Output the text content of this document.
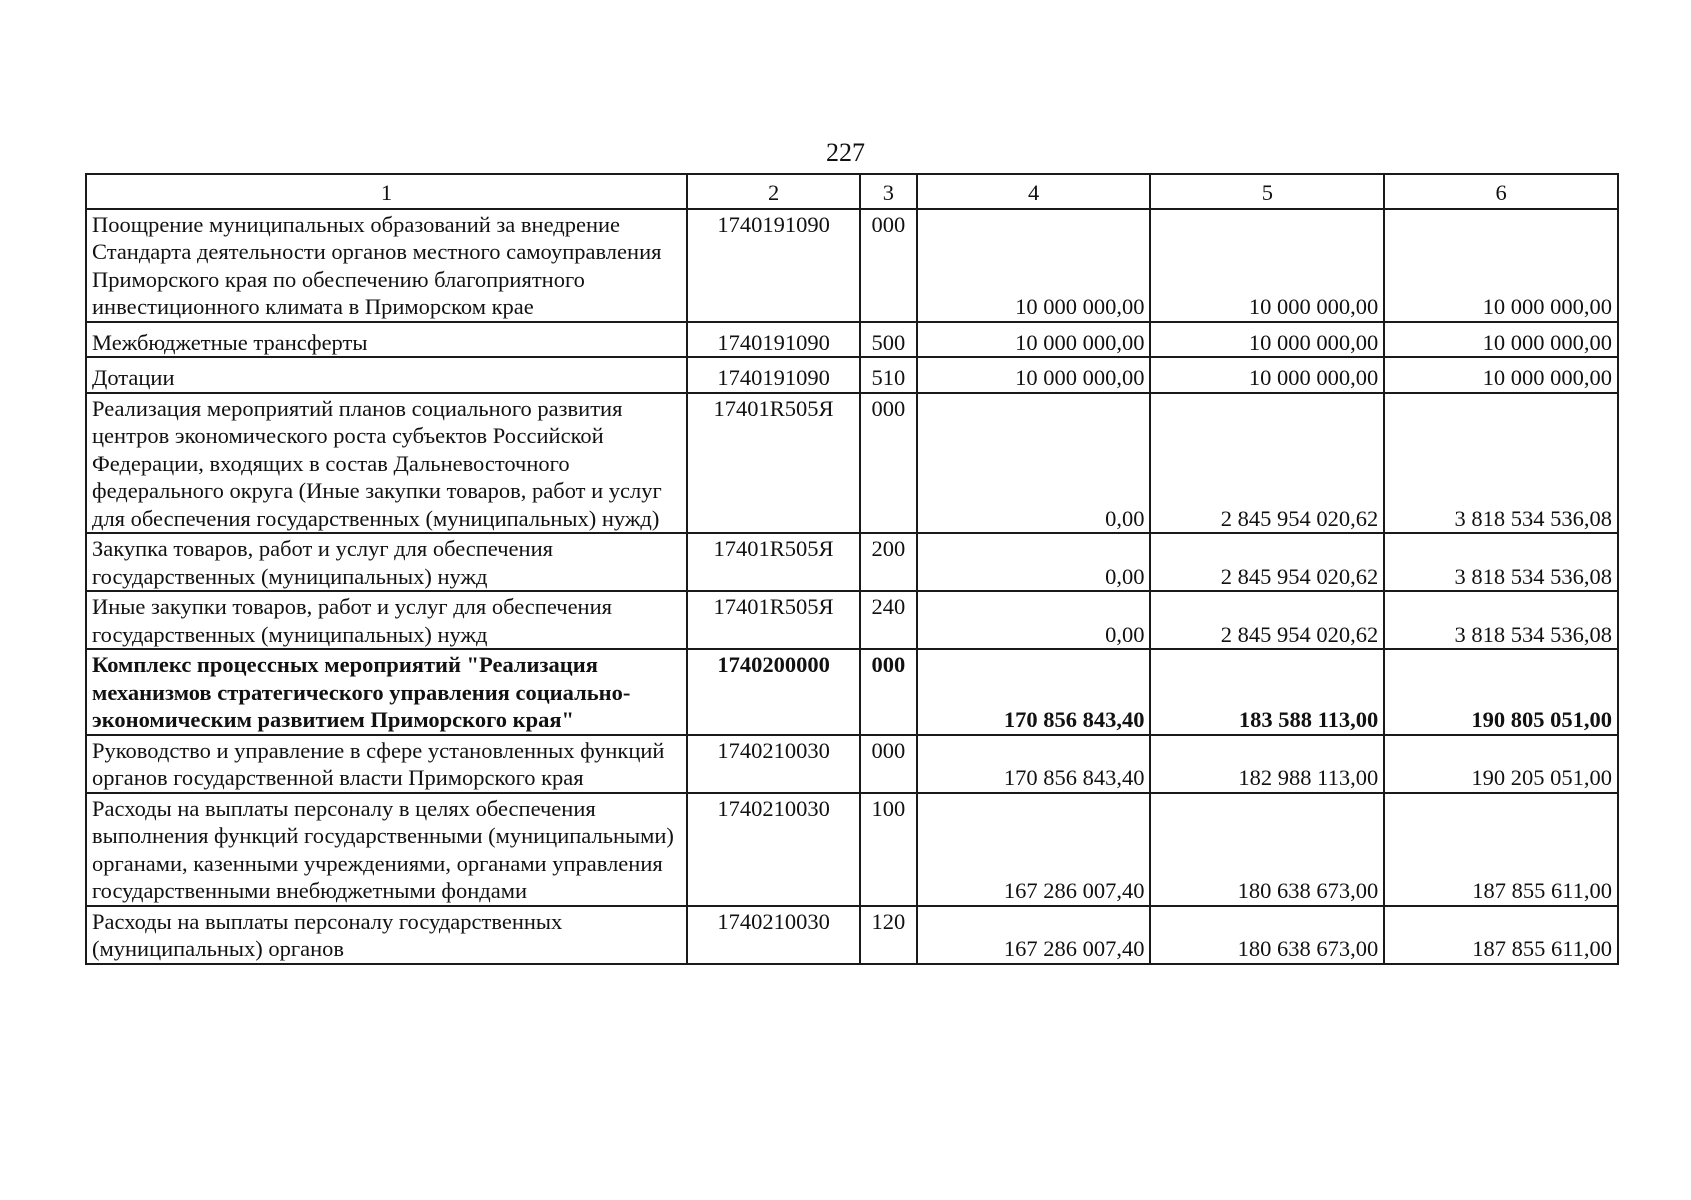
227
1	2	3	4	5	6
Поощрение муниципальных образований за внедрение Стандарта деятельности органов местного самоуправления Приморского края по обеспечению благоприятного инвестиционного климата в Приморском крае	1740191090	000	10 000 000,00	10 000 000,00	10 000 000,00
Межбюджетные трансферты	1740191090	500	10 000 000,00	10 000 000,00	10 000 000,00
Дотации	1740191090	510	10 000 000,00	10 000 000,00	10 000 000,00
Реализация мероприятий планов социального развития центров экономического роста субъектов Российской Федерации, входящих в состав Дальневосточного федерального округа (Иные закупки товаров, работ и услуг для обеспечения государственных (муниципальных) нужд)	17401R505Я	000	0,00	2 845 954 020,62	3 818 534 536,08
Закупка товаров, работ и услуг для обеспечения государственных (муниципальных) нужд	17401R505Я	200	0,00	2 845 954 020,62	3 818 534 536,08
Иные закупки товаров, работ и услуг для обеспечения государственных (муниципальных) нужд	17401R505Я	240	0,00	2 845 954 020,62	3 818 534 536,08
Комплекс процессных мероприятий "Реализация механизмов стратегического управления социально-экономическим развитием Приморского края"	1740200000	000	170 856 843,40	183 588 113,00	190 805 051,00
Руководство и управление в сфере установленных функций органов государственной власти Приморского края	1740210030	000	170 856 843,40	182 988 113,00	190 205 051,00
Расходы на выплаты персоналу в целях обеспечения выполнения функций государственными (муниципальными) органами, казенными учреждениями, органами управления государственными внебюджетными фондами	1740210030	100	167 286 007,40	180 638 673,00	187 855 611,00
Расходы на выплаты персоналу государственных (муниципальных) органов	1740210030	120	167 286 007,40	180 638 673,00	187 855 611,00
